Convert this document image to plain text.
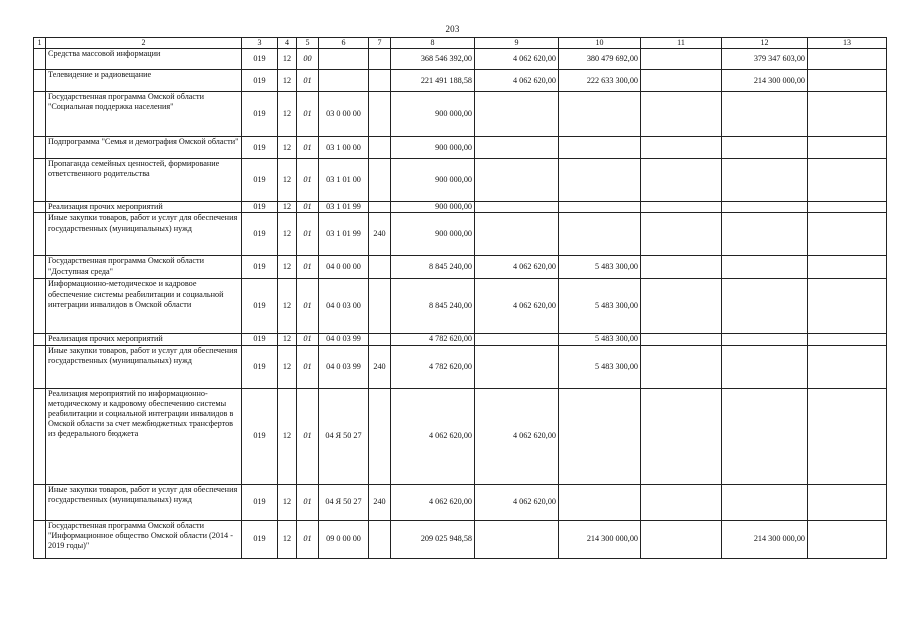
203
1	2	3	4	5	6	7	8	9	10	11	12	13
	Средства массовой информации	019	12	00			368 546 392,00	4 062 620,00	380 479 692,00		379 347 603,00	
	Телевидение и радиовещание	019	12	01			221 491 188,58	4 062 620,00	222 633 300,00		214 300 000,00	
	Государственная программа Омской области "Социальная поддержка населения"	019	12	01	03 0 00 00		900 000,00					
	Подпрограмма "Семья и демография Омской области"	019	12	01	03 1 00 00		900 000,00					
	Пропаганда семейных ценностей, формирование ответственного родительства	019	12	01	03 1 01 00		900 000,00					
	Реализация прочих мероприятий	019	12	01	03 1 01 99		900 000,00					
	Иные закупки товаров, работ и услуг для обеспечения государственных (муниципальных) нужд	019	12	01	03 1 01 99	240	900 000,00					
	Государственная программа Омской области "Доступная среда"	019	12	01	04 0 00 00		8 845 240,00	4 062 620,00	5 483 300,00			
	Информационно-методическое и кадровое обеспечение системы реабилитации и социальной интеграции инвалидов в Омской области	019	12	01	04 0 03 00		8 845 240,00	4 062 620,00	5 483 300,00			
	Реализация прочих мероприятий	019	12	01	04 0 03 99		4 782 620,00		5 483 300,00			
	Иные закупки товаров, работ и услуг для обеспечения государственных (муниципальных) нужд	019	12	01	04 0 03 99	240	4 782 620,00		5 483 300,00			
	Реализация мероприятий по информационно-методическому и кадровому обеспечению системы реабилитации и социальной интеграции инвалидов в Омской области за счет межбюджетных трансфертов из федерального бюджета	019	12	01	04 Я 50 27		4 062 620,00	4 062 620,00				
	Иные закупки товаров, работ и услуг для обеспечения государственных (муниципальных) нужд	019	12	01	04 Я 50 27	240	4 062 620,00	4 062 620,00				
	Государственная программа Омской области "Информационное общество Омской области (2014 - 2019 годы)"	019	12	01	09 0 00 00		209 025 948,58		214 300 000,00		214 300 000,00	
